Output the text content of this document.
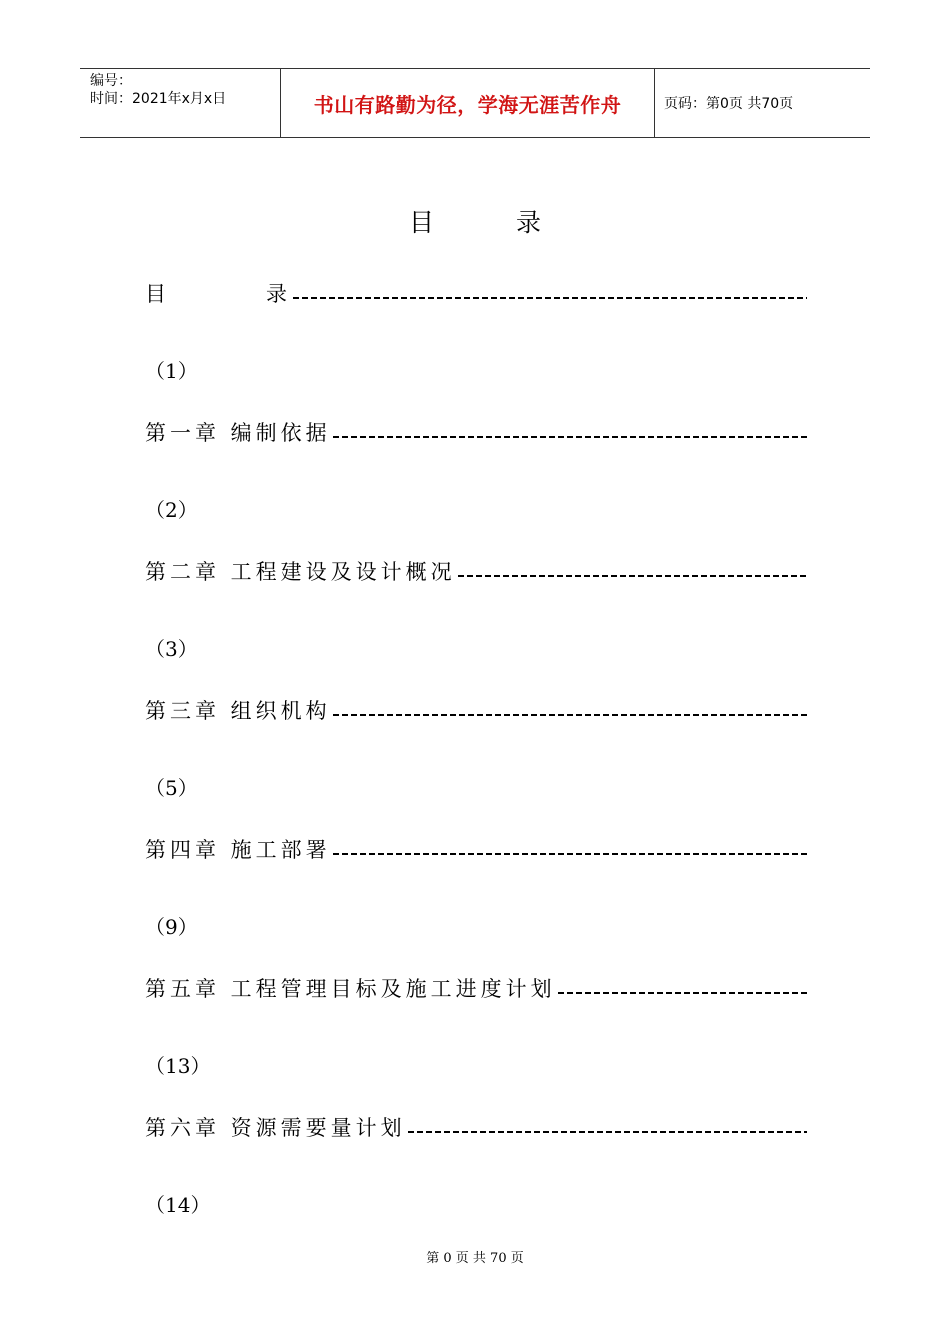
编号：
时间：2021年x月x日	书山有路勤为径，学海无涯苦作舟	页码：第0页 共70页
目	录
目	录
（1）
第一章 编制依据
（2）
第二章 工程建设及设计概况
（3）
第三章 组织机构
（5）
第四章 施工部署
（9）
第五章 工程管理目标及施工进度计划
（13）
第六章 资源需要量计划
（14）
第 0 页 共 70 页
